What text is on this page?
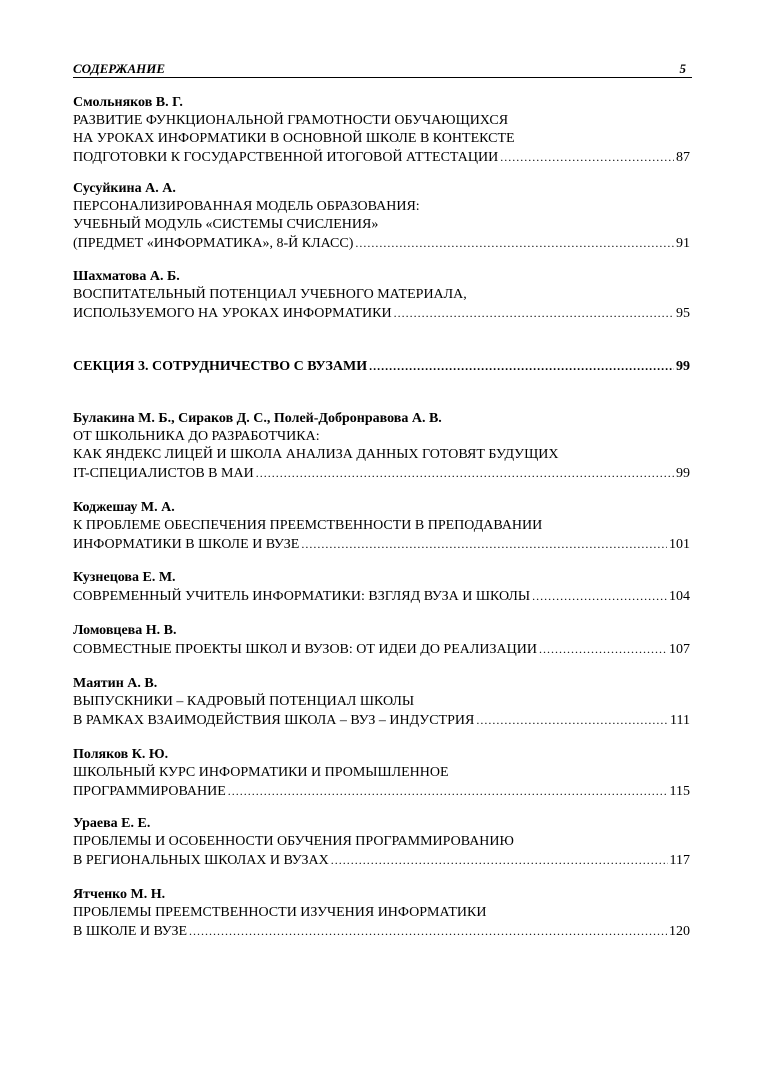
СОДЕРЖАНИЕ	5
Смольняков В. Г.
РАЗВИТИЕ ФУНКЦИОНАЛЬНОЙ ГРАМОТНОСТИ ОБУЧАЮЩИХСЯ
НА УРОКАХ ИНФОРМАТИКИ В ОСНОВНОЙ ШКОЛЕ В КОНТЕКСТЕ
ПОДГОТОВКИ К ГОСУДАРСТВЕННОЙ ИТОГОВОЙ АТТЕСТАЦИИ .....	87
Сусуйкина А. А.
ПЕРСОНАЛИЗИРОВАННАЯ МОДЕЛЬ ОБРАЗОВАНИЯ:
УЧЕБНЫЙ МОДУЛЬ «СИСТЕМЫ СЧИСЛЕНИЯ»
(ПРЕДМЕТ «ИНФОРМАТИКА», 8-Й КЛАСС) .....	91
Шахматова А. Б.
ВОСПИТАТЕЛЬНЫЙ ПОТЕНЦИАЛ УЧЕБНОГО МАТЕРИАЛА,
ИСПОЛЬЗУЕМОГО НА УРОКАХ ИНФОРМАТИКИ .....	95
СЕКЦИЯ 3. СОТРУДНИЧЕСТВО С ВУЗАМИ .....	99
Булакина М. Б., Сираков Д. С., Полей-Добронравова А. В.
ОТ ШКОЛЬНИКА ДО РАЗРАБОТЧИКА:
КАК ЯНДЕКС ЛИЦЕЙ И ШКОЛА АНАЛИЗА ДАННЫХ ГОТОВЯТ БУДУЩИХ
IT-СПЕЦИАЛИСТОВ В МАИ .....	99
Коджешау М. А.
К ПРОБЛЕМЕ ОБЕСПЕЧЕНИЯ ПРЕЕМСТВЕННОСТИ В ПРЕПОДАВАНИИ
ИНФОРМАТИКИ В ШКОЛЕ И ВУЗЕ .....	101
Кузнецова Е. М.
СОВРЕМЕННЫЙ УЧИТЕЛЬ ИНФОРМАТИКИ: ВЗГЛЯД ВУЗА И ШКОЛЫ .....	104
Ломовцева Н. В.
СОВМЕСТНЫЕ ПРОЕКТЫ ШКОЛ И ВУЗОВ: ОТ ИДЕИ ДО РЕАЛИЗАЦИИ .....	107
Маятин А. В.
ВЫПУСКНИКИ – КАДРОВЫЙ ПОТЕНЦИАЛ ШКОЛЫ
В РАМКАХ ВЗАИМОДЕЙСТВИЯ ШКОЛА – ВУЗ – ИНДУСТРИЯ .....	111
Поляков К. Ю.
ШКОЛЬНЫЙ КУРС ИНФОРМАТИКИ И ПРОМЫШЛЕННОЕ
ПРОГРАММИРОВАНИЕ .....	115
Ураева Е. Е.
ПРОБЛЕМЫ И ОСОБЕННОСТИ ОБУЧЕНИЯ ПРОГРАММИРОВАНИЮ
В РЕГИОНАЛЬНЫХ ШКОЛАХ И ВУЗАХ .....	117
Ятченко М. Н.
ПРОБЛЕМЫ ПРЕЕМСТВЕННОСТИ ИЗУЧЕНИЯ ИНФОРМАТИКИ
В ШКОЛЕ И ВУЗЕ .....	120
